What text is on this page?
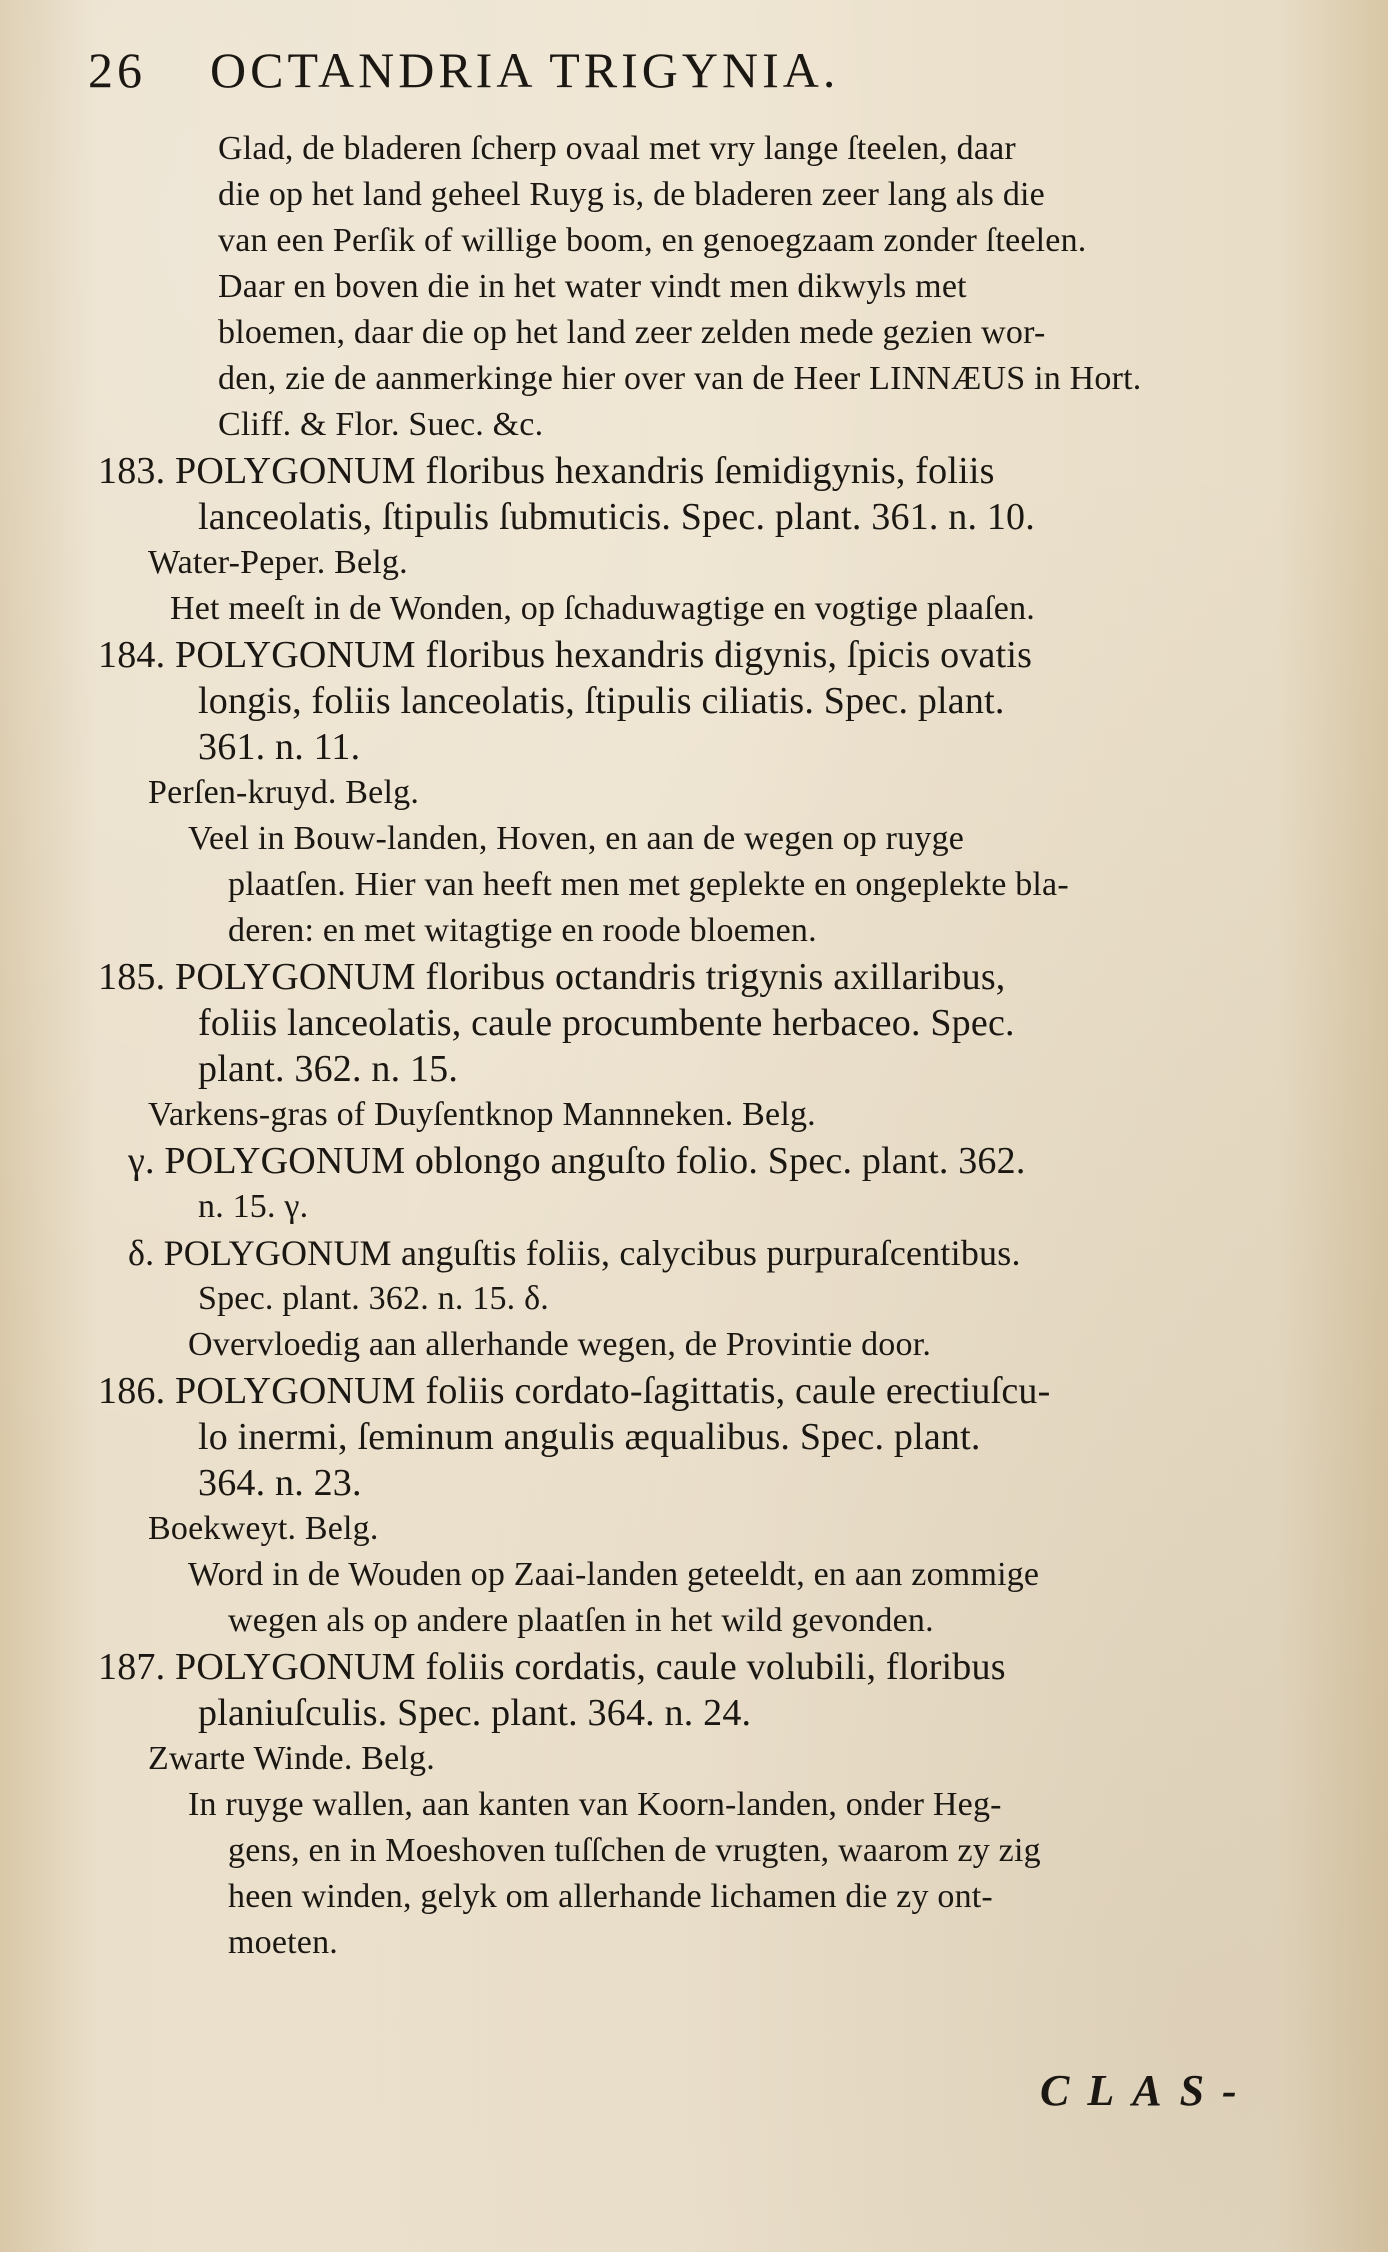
26 OCTANDRIA TRIGYNIA.
Glad, de bladeren ſcherp ovaal met vry lange ſteelen, daar
die op het land geheel Ruyg is, de bladeren zeer lang als die
van een Perſik of willige boom, en genoegzaam zonder ſteelen.
Daar en boven die in het water vindt men dikwyls met
bloemen, daar die op het land zeer zelden mede gezien wor-
den, zie de aanmerkinge hier over van de Heer LINNÆUS in Hort.
Cliff. & Flor. Suec. &c.
183. POLYGONUM floribus hexandris ſemidigynis, foliis
lanceolatis, ſtipulis ſubmuticis. Spec. plant. 361. n. 10.
Water-Peper. Belg.
Het meeſt in de Wonden, op ſchaduwagtige en vogtige plaaſen.
184. POLYGONUM floribus hexandris digynis, ſpicis ovatis
longis, foliis lanceolatis, ſtipulis ciliatis. Spec. plant.
361. n. 11.
Perſen-kruyd. Belg.
Veel in Bouw-landen, Hoven, en aan de wegen op ruyge
plaatſen. Hier van heeft men met geplekte en ongeplekte bla-
deren: en met witagtige en roode bloemen.
185. POLYGONUM floribus octandris trigynis axillaribus,
foliis lanceolatis, caule procumbente herbaceo. Spec.
plant. 362. n. 15.
Varkens-gras of Duyſentknop Mannneken. Belg.
γ. POLYGONUM oblongo anguſto folio. Spec. plant. 362.
n. 15. γ.
δ. POLYGONUM anguſtis foliis, calycibus purpuraſcentibus.
Spec. plant. 362. n. 15. δ.
Overvloedig aan allerhande wegen, de Provintie door.
186. POLYGONUM foliis cordato-ſagittatis, caule erectiuſcu-
lo inermi, ſeminum angulis æqualibus. Spec. plant.
364. n. 23.
Boekweyt. Belg.
Word in de Wouden op Zaai-landen geteeldt, en aan zommige
wegen als op andere plaatſen in het wild gevonden.
187. POLYGONUM foliis cordatis, caule volubili, floribus
planiuſculis. Spec. plant. 364. n. 24.
Zwarte Winde. Belg.
In ruyge wallen, aan kanten van Koorn-landen, onder Heg-
gens, en in Moeshoven tuſſchen de vrugten, waarom zy zig
heen winden, gelyk om allerhande lichamen die zy ont-
moeten.
CLAS-
